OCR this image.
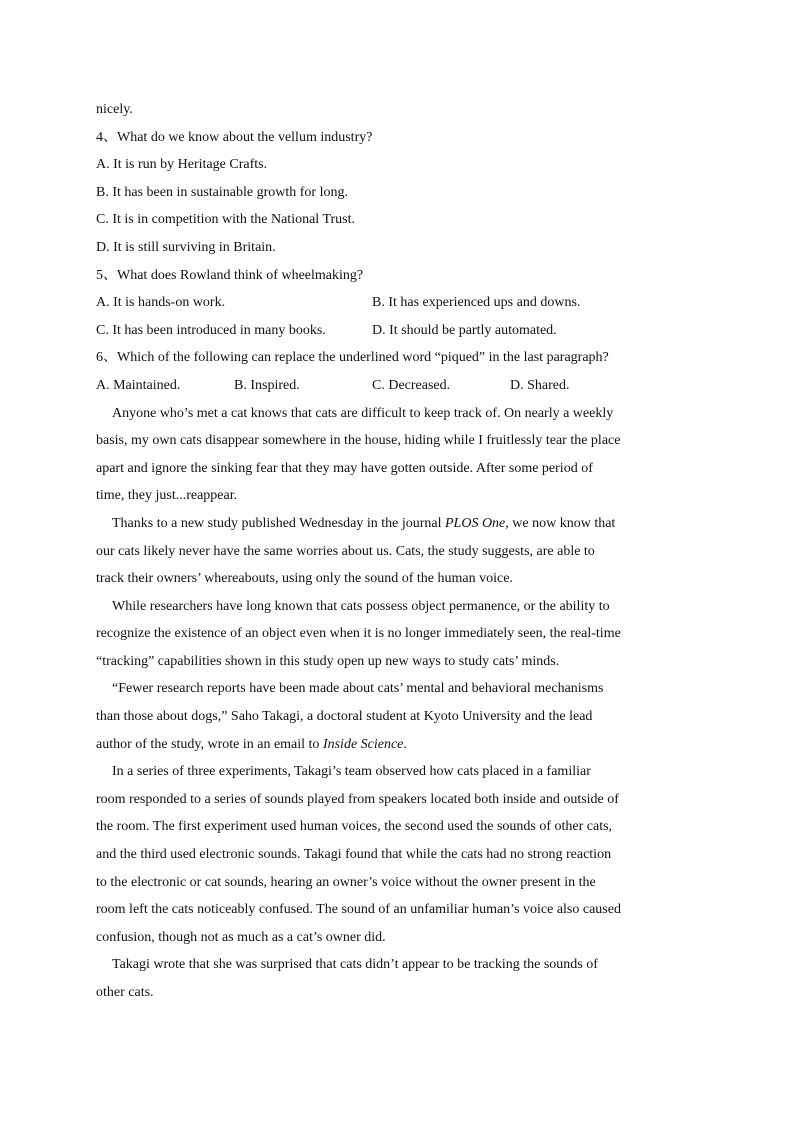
nicely.
4、What do we know about the vellum industry?
A. It is run by Heritage Crafts.
B. It has been in sustainable growth for long.
C. It is in competition with the National Trust.
D. It is still surviving in Britain.
5、What does Rowland think of wheelmaking?
A. It is hands-on work.	B. It has experienced ups and downs.
C. It has been introduced in many books.	D. It should be partly automated.
6、Which of the following can replace the underlined word “piqued” in the last paragraph?
A. Maintained.	B. Inspired.	C. Decreased.	D. Shared.
Anyone who’s met a cat knows that cats are difficult to keep track of. On nearly a weekly
basis, my own cats disappear somewhere in the house, hiding while I fruitlessly tear the place
apart and ignore the sinking fear that they may have gotten outside. After some period of
time, they just...reappear.
Thanks to a new study published Wednesday in the journal PLOS One, we now know that
our cats likely never have the same worries about us. Cats, the study suggests, are able to
track their owners’ whereabouts, using only the sound of the human voice.
While researchers have long known that cats possess object permanence, or the ability to
recognize the existence of an object even when it is no longer immediately seen, the real-time
“tracking” capabilities shown in this study open up new ways to study cats’ minds.
“Fewer research reports have been made about cats’ mental and behavioral mechanisms
than those about dogs,” Saho Takagi, a doctoral student at Kyoto University and the lead
author of the study, wrote in an email to Inside Science.
In a series of three experiments, Takagi’s team observed how cats placed in a familiar
room responded to a series of sounds played from speakers located both inside and outside of
the room. The first experiment used human voices, the second used the sounds of other cats,
and the third used electronic sounds. Takagi found that while the cats had no strong reaction
to the electronic or cat sounds, hearing an owner’s voice without the owner present in the
room left the cats noticeably confused. The sound of an unfamiliar human’s voice also caused
confusion, though not as much as a cat’s owner did.
Takagi wrote that she was surprised that cats didn’t appear to be tracking the sounds of
other cats.
